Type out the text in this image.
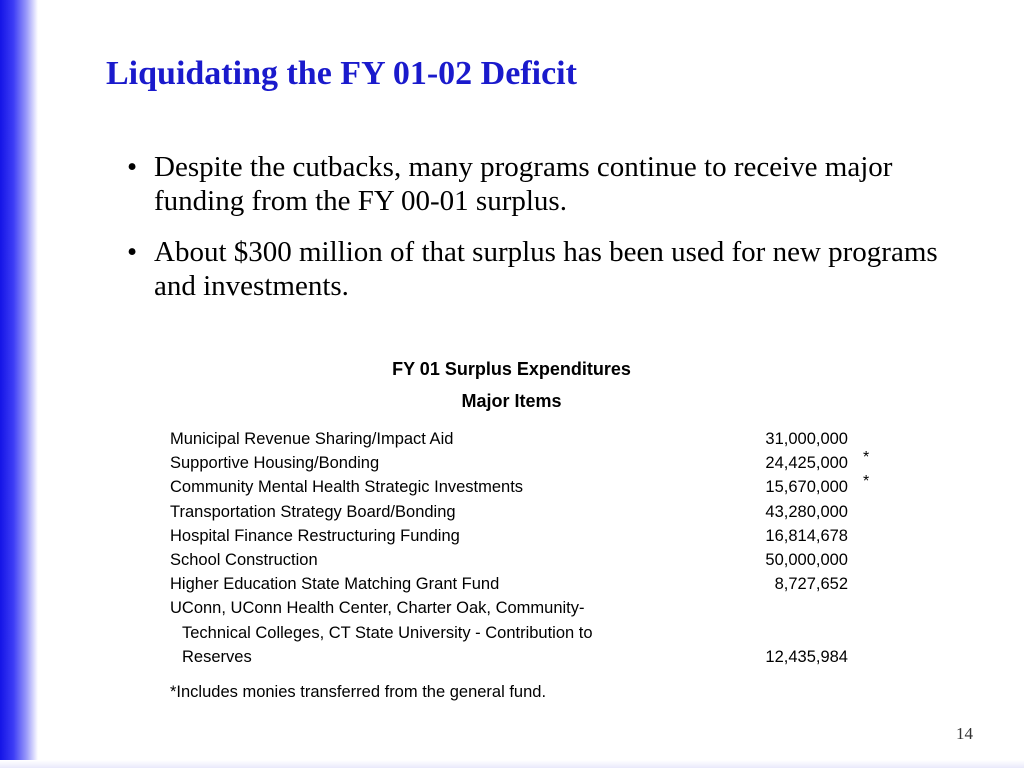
Liquidating the FY 01-02 Deficit
• Despite the cutbacks, many programs continue to receive major funding from the FY 00-01 surplus.
• About $300 million of that surplus has been used for new programs and investments.
FY 01 Surplus Expenditures
Major Items
Municipal Revenue Sharing/Impact Aid	31,000,000
Supportive Housing/Bonding	24,425,000 *
Community Mental Health Strategic Investments	15,670,000 *
Transportation Strategy Board/Bonding	43,280,000
Hospital Finance Restructuring Funding	16,814,678
School Construction	50,000,000
Higher Education State Matching Grant Fund	8,727,652
UConn, UConn Health Center, Charter Oak, Community-
Technical Colleges, CT State University - Contribution to
Reserves	12,435,984
*Includes monies transferred from the general fund.
14
